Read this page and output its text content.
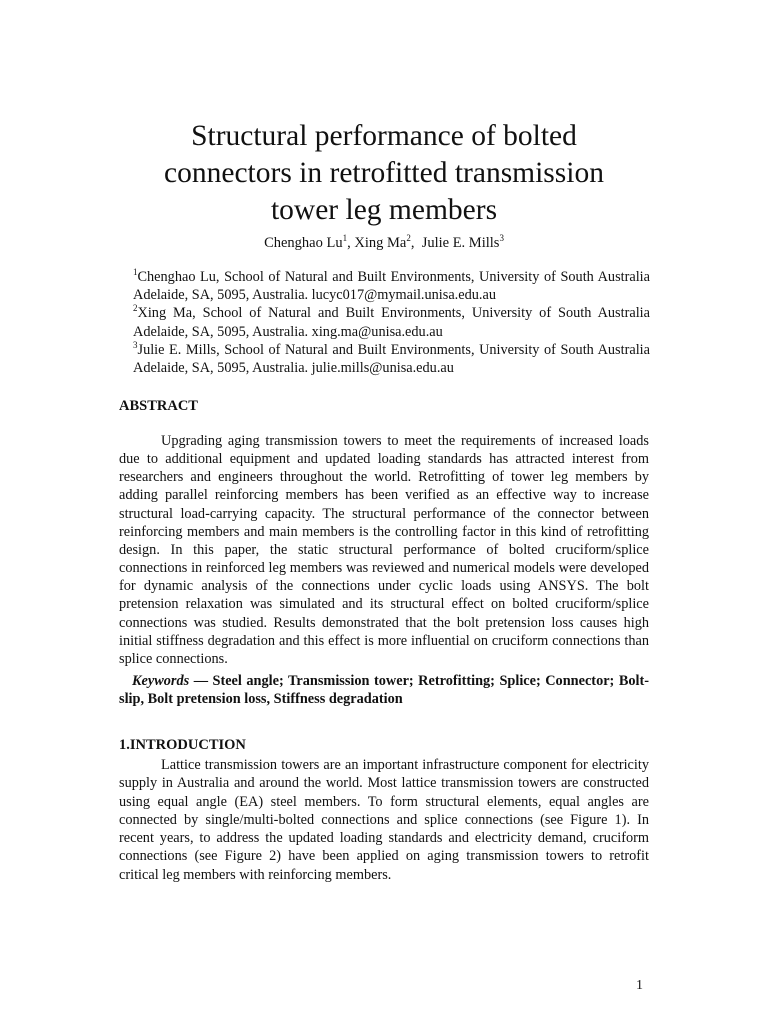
Structural performance of bolted
connectors in retrofitted transmission
tower leg members
Chenghao Lu$^1$, Xing Ma$^2$,  Julie E. Mills$^3$

$^1$Chenghao Lu, School of Natural and Built Environments, University of South Australia Adelaide, SA, 5095, Australia. lucyc017@mymail.unisa.edu.au

$^2$Xing Ma, School of Natural and Built Environments, University of South Australia Adelaide, SA, 5095, Australia. xing.ma@unisa.edu.au

$^3$Julie E. Mills, School of Natural and Built Environments, University of South Australia Adelaide, SA, 5095, Australia. julie.mills@unisa.edu.au

ABSTRACT

Upgrading aging transmission towers to meet the requirements of increased loads due to additional equipment and updated loading standards has attracted interest from researchers and engineers throughout the world. Retrofitting of tower leg members by adding parallel reinforcing members has been verified as an effective way to increase structural load-carrying capacity. The structural performance of the connector between reinforcing members and main members is the controlling factor in this kind of retrofitting design. In this paper, the static structural performance of bolted cruciform/splice connections in reinforced leg members was reviewed and numerical models were developed for dynamic analysis of the connections under cyclic loads using ANSYS. The bolt pretension relaxation was simulated and its structural effect on bolted cruciform/splice connections was studied. Results demonstrated that the bolt pretension loss causes high initial stiffness degradation and this effect is more influential on cruciform connections than splice connections.

Keywords — Steel angle; Transmission tower; Retrofitting; Splice; Connector; Bolt-slip, Bolt pretension loss, Stiffness degradation

1.INTRODUCTION

Lattice transmission towers are an important infrastructure component for electricity supply in Australia and around the world. Most lattice transmission towers are constructed using equal angle (EA) steel members. To form structural elements, equal angles are connected by single/multi-bolted connections and splice connections (see Figure 1). In recent years, to address the updated loading standards and electricity demand, cruciform connections (see Figure 2) have been applied on aging transmission towers to retrofit critical leg members with reinforcing members.

1
